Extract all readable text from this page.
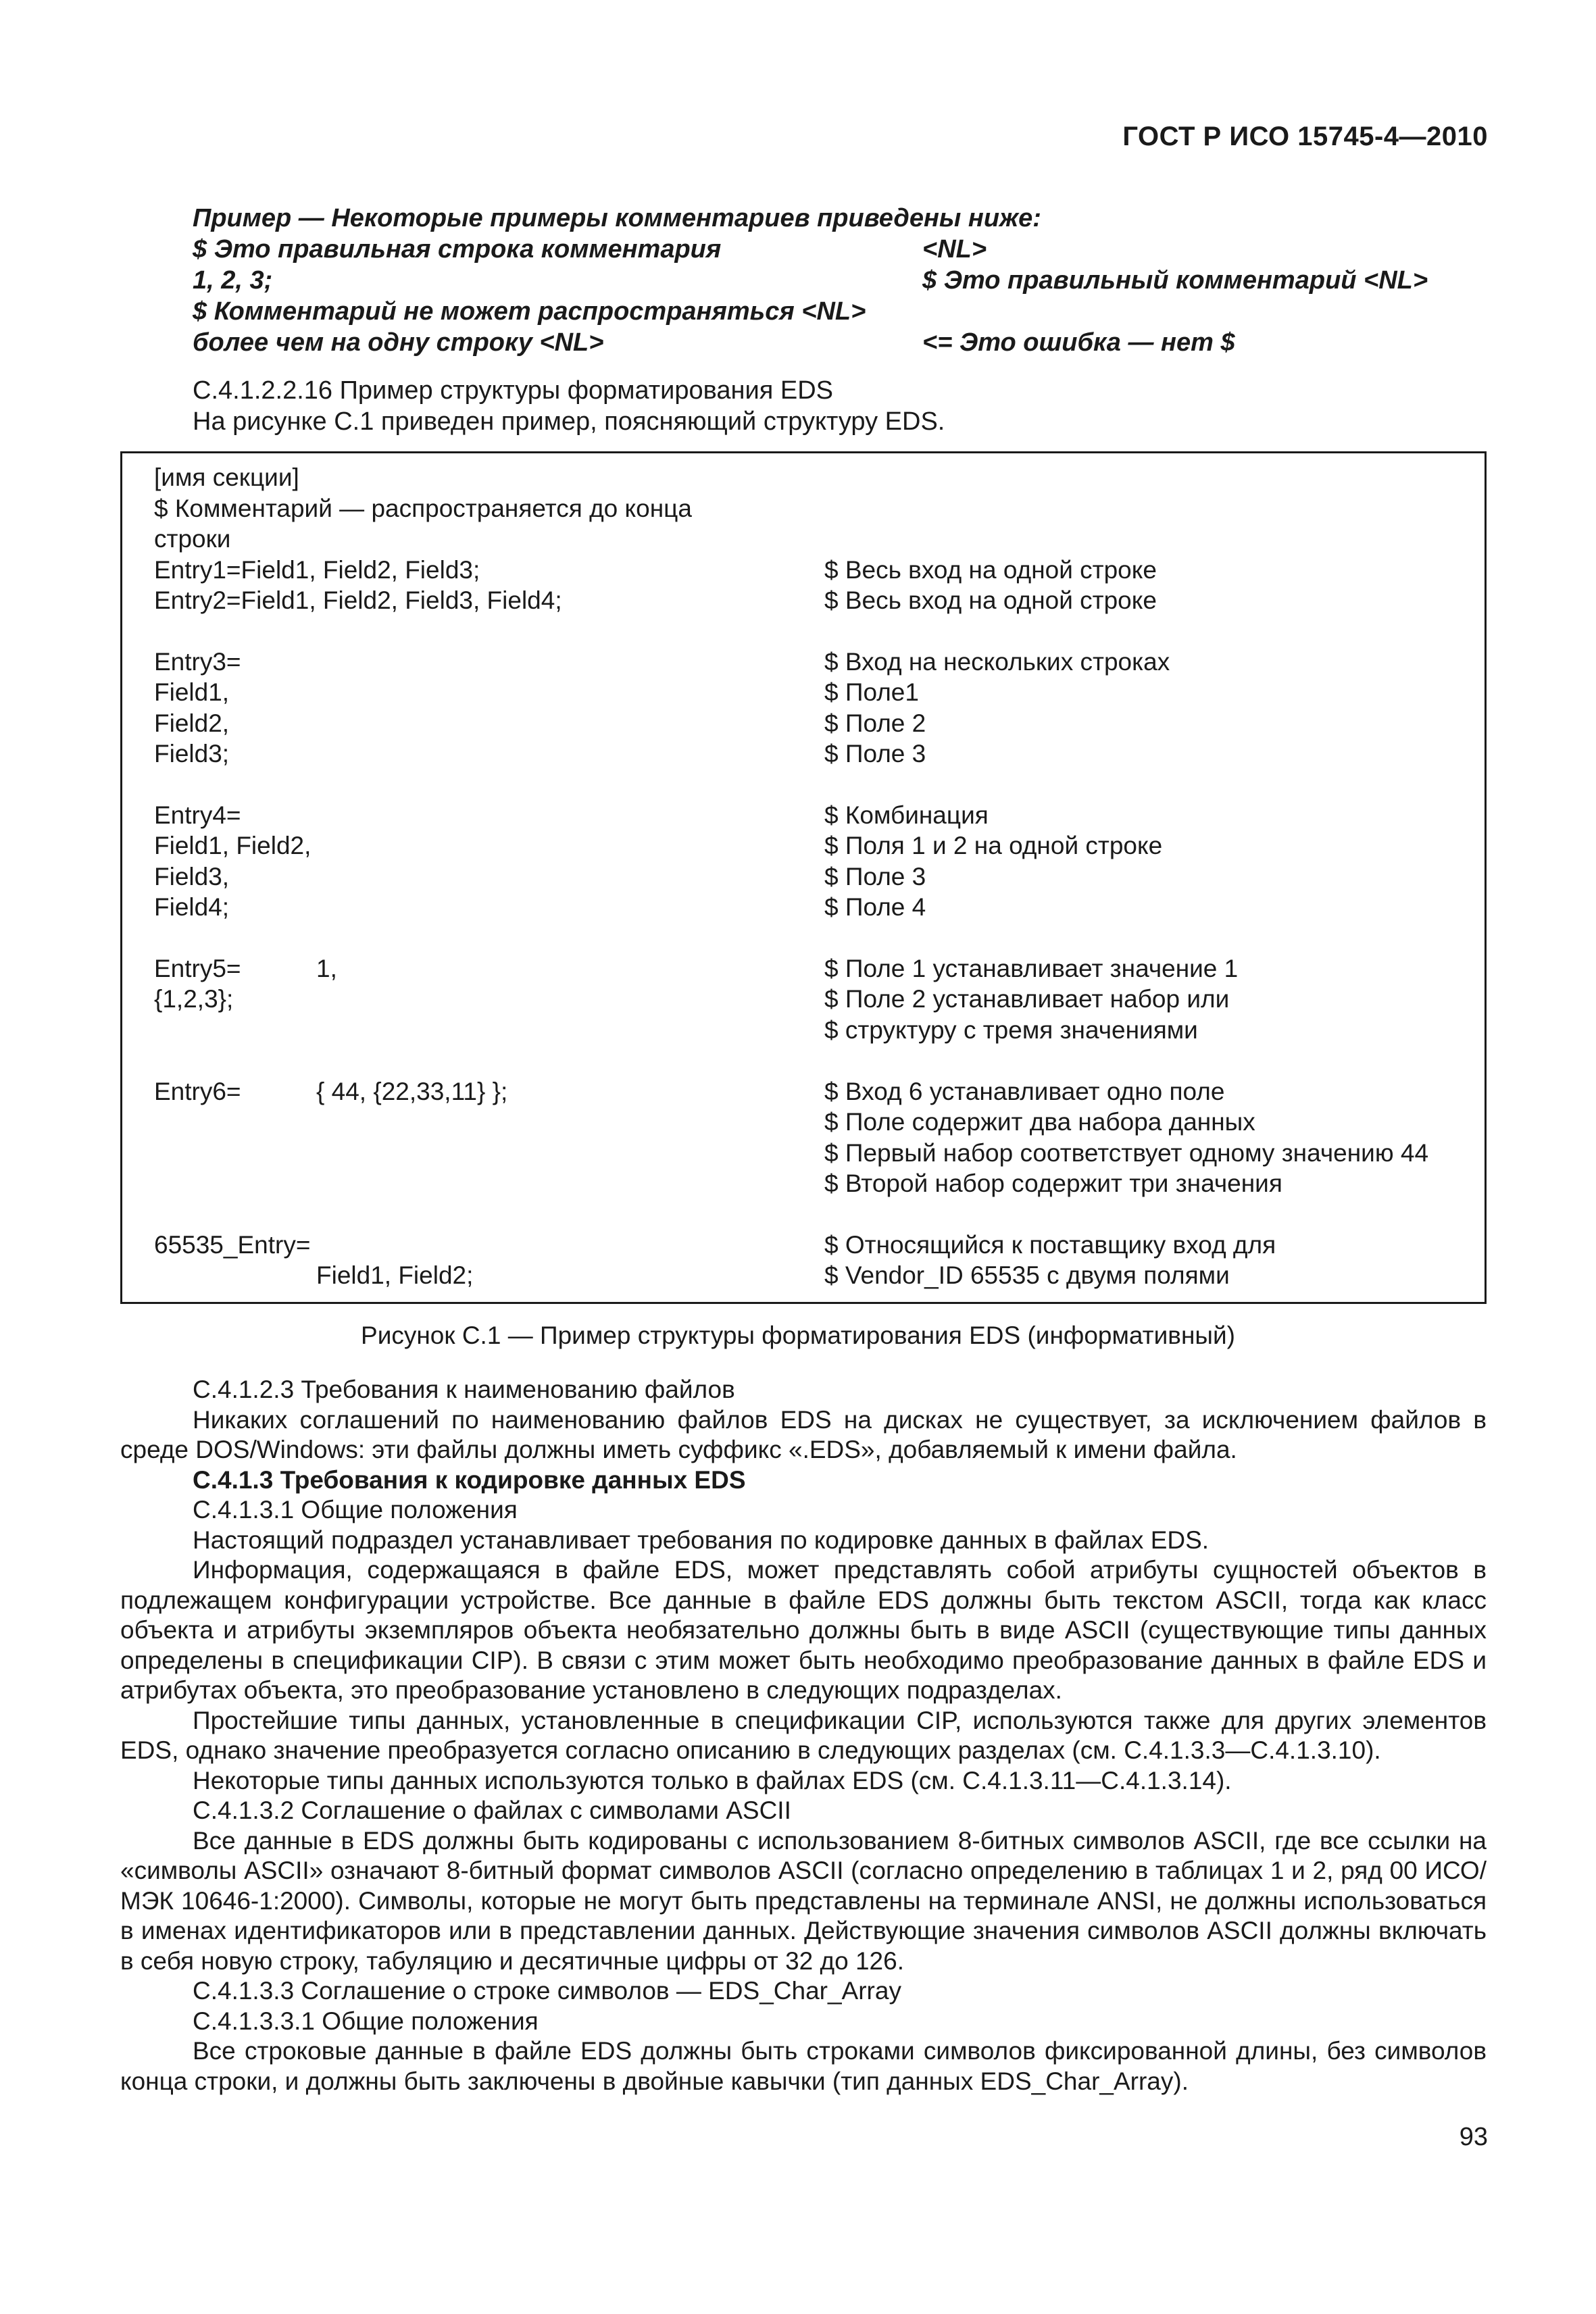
ГОСТ Р ИСО 15745-4—2010
Пример — Некоторые примеры комментариев приведены ниже:
$ Это правильная строка комментария	<NL>
1, 2, 3;	$ Это правильный комментарий <NL>
$ Комментарий не может распространяться <NL>
более чем на одну строку <NL>	<= Это ошибка — нет $
С.4.1.2.2.16 Пример структуры форматирования EDS
На рисунке С.1 приведен пример, поясняющий структуру EDS.
[имя секции]
$ Комментарий — распространяется до конца
строки
Entry1=Field1, Field2, Field3;	$ Весь вход на одной строке
Entry2=Field1, Field2, Field3, Field4;	$ Весь вход на одной строке
Entry3=	$ Вход на нескольких строках
Field1,	$ Поле1
Field2,	$ Поле 2
Field3;	$ Поле 3
Entry4=	$ Комбинация
Field1, Field2,	$ Поля 1 и 2 на одной строке
Field3,	$ Поле 3
Field4;	$ Поле 4
Entry5=	1,	$ Поле 1 устанавливает значение 1
{1,2,3};	$ Поле 2 устанавливает набор или
$ структуру с тремя значениями
Entry6=	{ 44, {22,33,11} };	$ Вход 6 устанавливает одно поле
$ Поле содержит два набора данных
$ Первый набор соответствует одному значению 44
$ Второй набор содержит три значения
65535_Entry=	$ Относящийся к поставщику вход для
Field1, Field2;	$ Vendor_ID 65535 с двумя полями
Рисунок С.1 — Пример структуры форматирования EDS (информативный)

С.4.1.2.3 Требования к наименованию файлов

Никаких соглашений по наименованию файлов EDS на дисках не существует, за исключением файлов в среде DOS/Windows: эти файлы должны иметь суффикс «.EDS», добавляемый к имени файла.

С.4.1.3 Требования к кодировке данных EDS

С.4.1.3.1 Общие положения

Настоящий подраздел устанавливает требования по кодировке данных в файлах EDS.

Информация, содержащаяся в файле EDS, может представлять собой атрибуты сущностей объектов в подлежащем конфигурации устройстве. Все данные в файле EDS должны быть текстом ASCII, тогда как класс объекта и атрибуты экземпляров объекта необязательно должны быть в виде ASCII (существующие типы данных определены в спецификации CIP). В связи с этим может быть необходимо преобразование данных в файле EDS и атрибутах объекта, это преобразование установлено в следующих подразделах.

Простейшие типы данных, установленные в спецификации CIP, используются также для других элементов EDS, однако значение преобразуется согласно описанию в следующих разделах (см. С.4.1.3.3—С.4.1.3.10).

Некоторые типы данных используются только в файлах EDS (см. С.4.1.3.11—С.4.1.3.14).

С.4.1.3.2 Соглашение о файлах с символами ASCII

Все данные в EDS должны быть кодированы с использованием 8-битных символов ASCII, где все ссылки на «символы ASCII» означают 8-битный формат символов ASCII (согласно определению в таблицах 1 и 2, ряд 00 ИСО/МЭК 10646-1:2000). Символы, которые не могут быть представлены на терминале ANSI, не должны использоваться в именах идентификаторов или в представлении данных. Действующие значения символов ASCII должны включать в себя новую строку, табуляцию и десятичные цифры от 32 до 126.

С.4.1.3.3 Соглашение о строке символов — EDS_Char_Array

С.4.1.3.3.1 Общие положения

Все строковые данные в файле EDS должны быть строками символов фиксированной длины, без символов конца строки, и должны быть заключены в двойные кавычки (тип данных EDS_Char_Array).

93
